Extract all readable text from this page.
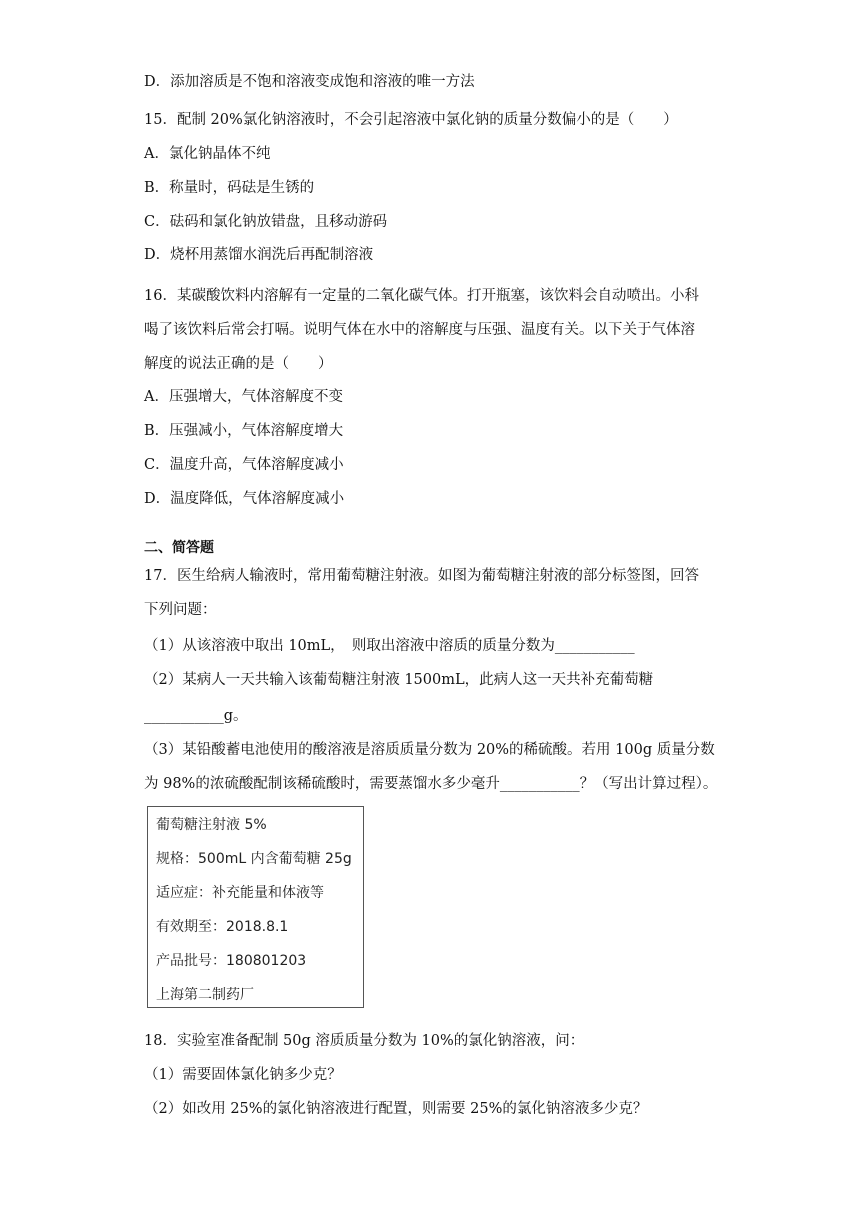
D．添加溶质是不饱和溶液变成饱和溶液的唯一方法
15．配制 20%氯化钠溶液时，不会引起溶液中氯化钠的质量分数偏小的是（　　）
A．氯化钠晶体不纯
B．称量时，码砝是生锈的
C．砝码和氯化钠放错盘，且移动游码
D．烧杯用蒸馏水润洗后再配制溶液
16．某碳酸饮料内溶解有一定量的二氧化碳气体。打开瓶塞，该饮料会自动喷出。小科
喝了该饮料后常会打嗝。说明气体在水中的溶解度与压强、温度有关。以下关于气体溶
解度的说法正确的是（　　）
A．压强增大，气体溶解度不变
B．压强减小，气体溶解度增大
C．温度升高，气体溶解度减小
D．温度降低，气体溶解度减小
二、简答题
17．医生给病人输液时，常用葡萄糖注射液。如图为葡萄糖注射液的部分标签图，回答
下列问题：
（1）从该溶液中取出 10mL，　则取出溶液中溶质的质量分数为___________
（2）某病人一天共输入该葡萄糖注射液 1500mL，此病人这一天共补充葡萄糖
___________g。
（3）某铅酸蓄电池使用的酸溶液是溶质质量分数为 20%的稀硫酸。若用 100g 质量分数
为 98%的浓硫酸配制该稀硫酸时，需要蒸馏水多少毫升___________？（写出计算过程）。
葡萄糖注射液 5%
规格：500mL 内含葡萄糖 25g
适应症：补充能量和体液等
有效期至：2018.8.1
产品批号：180801203
上海第二制药厂
18．实验室准备配制 50g 溶质质量分数为 10%的氯化钠溶液，问：
（1）需要固体氯化钠多少克？
（2）如改用 25%的氯化钠溶液进行配置，则需要 25%的氯化钠溶液多少克？
